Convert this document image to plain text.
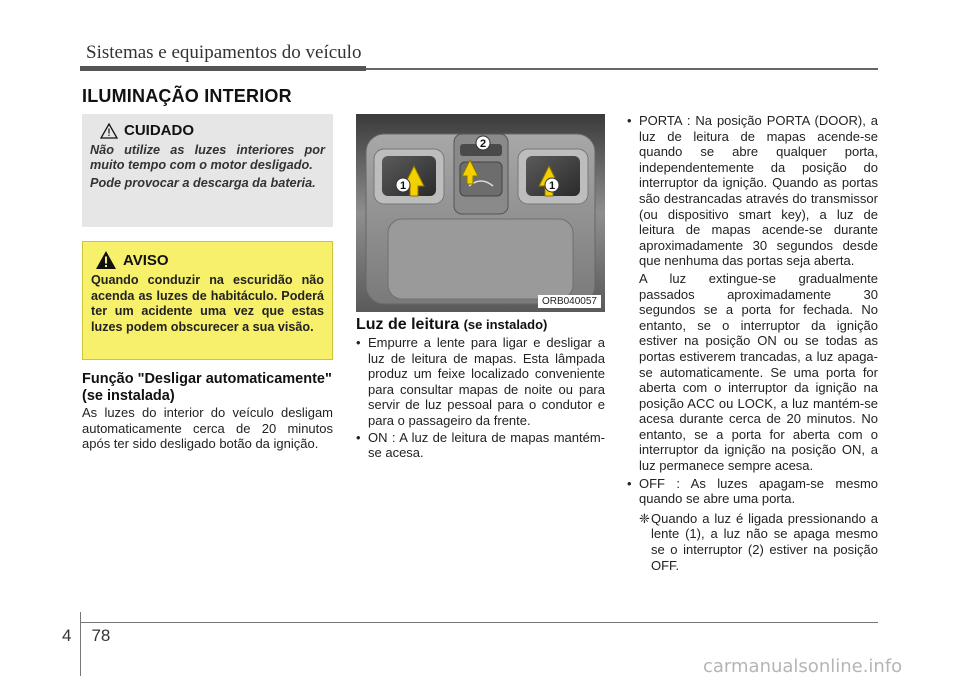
Sistemas e equipamentos do veículo
ILUMINAÇÃO INTERIOR
CUIDADO

Não utilize as luzes interiores por muito tempo com o motor desligado.

Pode provocar a descarga da bateria.

AVISO

Quando conduzir na escuridão não acenda as luzes de habitáculo. Poderá ter um acidente uma vez que estas luzes podem obscurecer a sua visão.

Função "Desligar automaticamente" (se instalada)
As luzes do interior do veículo desligam automaticamente cerca de 20 minutos após ter sido desligado botão da ignição.
1	1
2
ORB040057
Luz de leitura (se instalado)
• Empurre a lente para ligar e desligar a luz de leitura de mapas. Esta lâmpada produz um feixe localizado conveniente para consultar mapas de noite ou para servir de luz pessoal para o condutor e para o passageiro da frente.
• ON : A luz de leitura de mapas mantém-se acesa.
• PORTA : Na posição PORTA (DOOR), a luz de leitura de mapas acende-se quando se abre qualquer porta, independentemente da posição do interruptor da ignição. Quando as portas são destrancadas através do transmissor (ou dispositivo smart key), a luz de leitura de mapas acende-se durante aproximadamente 30 segundos desde que nenhuma das portas seja aberta.
A luz extingue-se gradualmente passados aproximadamente 30 segundos se a porta for fechada. No entanto, se o interruptor da ignição estiver na posição ON ou se todas as portas estiverem trancadas, a luz apaga-se automaticamente. Se uma porta for aberta com o interruptor da ignição na posição ACC ou LOCK, a luz mantém-se acesa durante cerca de 20 minutos. No entanto, se a porta for aberta com o interruptor da ignição na posição ON, a luz permanece sempre acesa.
• OFF : As luzes apagam-se mesmo quando se abre uma porta.
❈ Quando a luz é ligada pressionando a lente (1), a luz não se apaga mesmo se o interruptor (2) estiver na posição OFF.
4 78
carmanualsonline.info
